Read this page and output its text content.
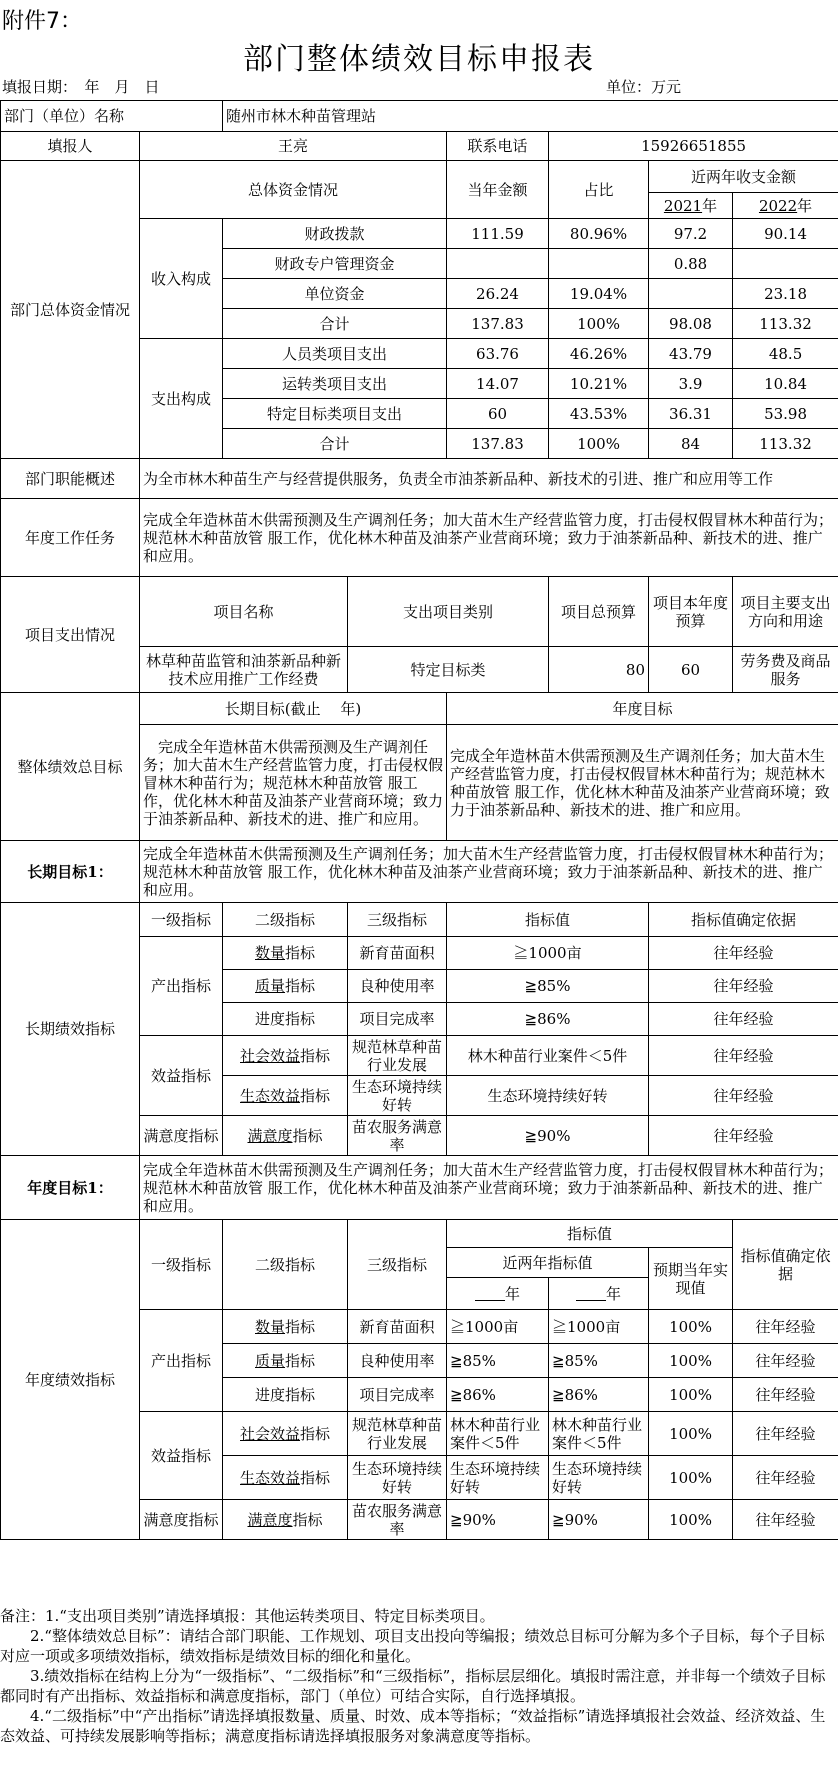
附件7：
部门整体绩效目标申报表
填报日期：　年　月　日	单位：万元
部门（单位）名称		随州市林木种苗管理站					
填报人	王亮			联系电话	15926651855		
部门总体资金情况	总体资金情况			当年金额	占比	近两年收支金额	
						2021年	2022年
	收入构成	财政拨款		111.59	80.96%	97.2	90.14
		财政专户管理资金				0.88	
		单位资金		26.24	19.04%		23.18
		合计		137.83	100%	98.08	113.32
	支出构成	人员类项目支出		63.76	46.26%	43.79	48.5
		运转类项目支出		14.07	10.21%	3.9	10.84
		特定目标类项目支出		60	43.53%	36.31	53.98
		合计		137.83	100%	84	113.32
部门职能概述	为全市林木种苗生产与经营提供服务，负责全市油茶新品种、新技术的引进、推广和应用等工作						
年度工作任务	完成全年造林苗木供需预测及生产调剂任务；加大苗木生产经营监管力度，打击侵权假冒林木种苗行为；规范林木种苗放管 服工作，优化林木种苗及油茶产业营商环境；致力于油茶新品种、新技术的进、推广和应用。						
项目支出情况	项目名称		支出项目类别		项目总预算	项目本年度预算	项目主要支出方向和用途
	林草种苗监管和油茶新品种新技术应用推广工作经费		特定目标类		80	60	劳务费及商品服务
整体绩效总目标	长期目标(截止　 年)			年度目标			
	　完成全年造林苗木供需预测及生产调剂任务；加大苗木生产经营监管力度，打击侵权假冒林木种苗行为；规范林木种苗放管 服工作，优化林木种苗及油茶产业营商环境；致力于油茶新品种、新技术的进、推广和应用。			完成全年造林苗木供需预测及生产调剂任务；加大苗木生产经营监管力度，打击侵权假冒林木种苗行为；规范林木种苗放管 服工作，优化林木种苗及油茶产业营商环境；致力于油茶新品种、新技术的进、推广和应用。			
长期目标1：	完成全年造林苗木供需预测及生产调剂任务；加大苗木生产经营监管力度，打击侵权假冒林木种苗行为；规范林木种苗放管 服工作，优化林木种苗及油茶产业营商环境；致力于油茶新品种、新技术的进、推广和应用。						
长期绩效指标	一级指标	二级指标	三级指标	指标值		指标值确定依据	
	产出指标	数量指标	新育苗面积	≧1000亩		往年经验	
		质量指标	良种使用率	≧85%		往年经验	
		进度指标	项目完成率	≧86%		往年经验	
	效益指标	社会效益指标	规范林草种苗行业发展	林木种苗行业案件＜5件		往年经验	
		生态效益指标	生态环境持续好转	生态环境持续好转		往年经验	
	满意度指标	满意度指标	苗农服务满意率	≧90%		往年经验	
年度目标1：	完成全年造林苗木供需预测及生产调剂任务；加大苗木生产经营监管力度，打击侵权假冒林木种苗行为；规范林木种苗放管 服工作，优化林木种苗及油茶产业营商环境；致力于油茶新品种、新技术的进、推广和应用。						
年度绩效指标	一级指标	二级指标	三级指标	指标值			指标值确定依据
				近两年指标值		预期当年实现值	
				　　年	　　年		
	产出指标	数量指标	新育苗面积	≧1000亩	≧1000亩	100%	往年经验
		质量指标	良种使用率	≧85%	≧85%	100%	往年经验
		进度指标	项目完成率	≧86%	≧86%	100%	往年经验
	效益指标	社会效益指标	规范林草种苗行业发展	林木种苗行业案件＜5件	林木种苗行业案件＜5件	100%	往年经验
		生态效益指标	生态环境持续好转	生态环境持续好转	生态环境持续好转	100%	往年经验
	满意度指标	满意度指标	苗农服务满意率	≧90%	≧90%	100%	往年经验

备注：1.“支出项目类别”请选择填报：其他运转类项目、特定目标类项目。

　　2.“整体绩效总目标”：请结合部门职能、工作规划、项目支出投向等编报；绩效总目标可分解为多个子目标，每个子目标对应一项或多项绩效指标，绩效指标是绩效目标的细化和量化。

　　3.绩效指标在结构上分为“一级指标”、“二级指标”和“三级指标”，指标层层细化。填报时需注意，并非每一个绩效子目标都同时有产出指标、效益指标和满意度指标，部门（单位）可结合实际，自行选择填报。

　　4.“二级指标”中“产出指标”请选择填报数量、质量、时效、成本等指标；“效益指标”请选择填报社会效益、经济效益、生态效益、可持续发展影响等指标；满意度指标请选择填报服务对象满意度等指标。
